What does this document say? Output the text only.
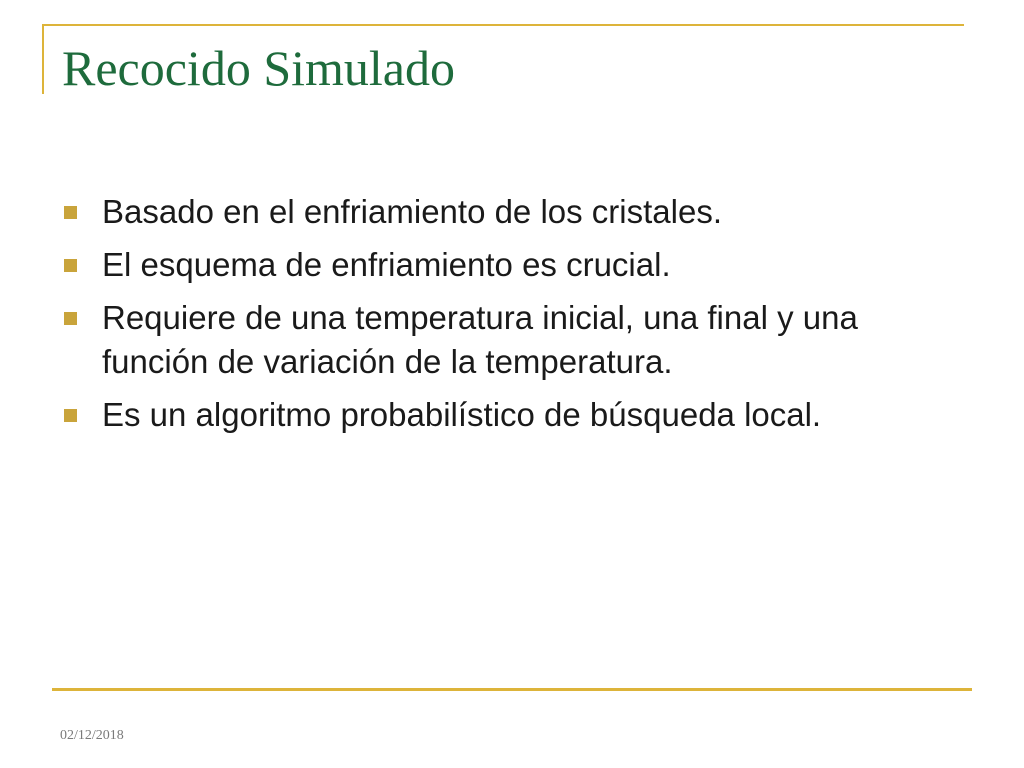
Recocido Simulado
Basado en el enfriamiento de los cristales.
El esquema de enfriamiento es crucial.
Requiere de una temperatura inicial, una final y una función de variación de la temperatura.
Es un algoritmo probabilístico de búsqueda local.
02/12/2018
